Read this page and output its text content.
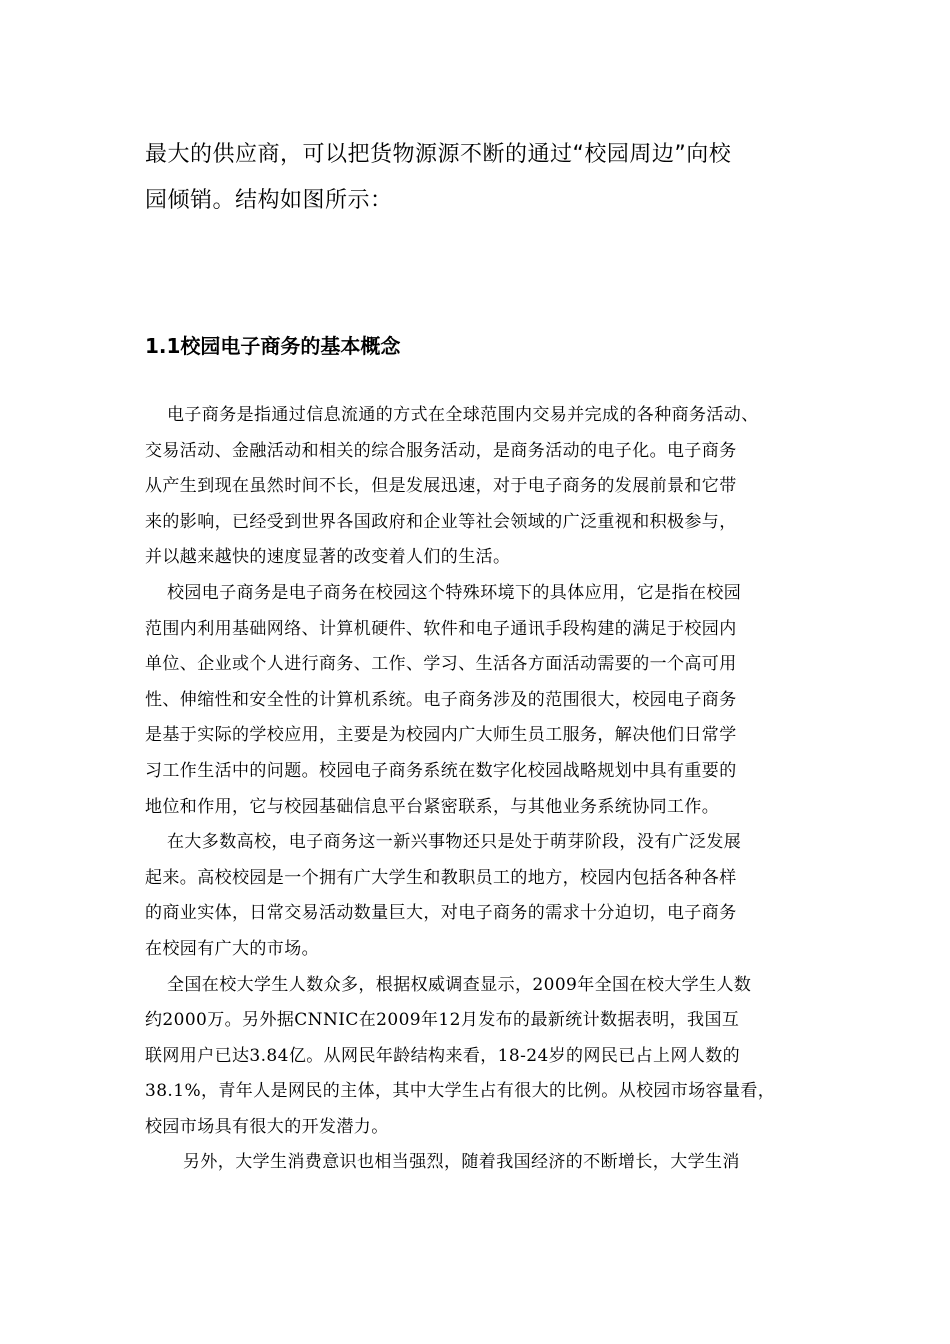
最大的供应商，可以把货物源源不断的通过“校园周边”向校

园倾销。结构如图所示：

1.1校园电子商务的基本概念

电子商务是指通过信息流通的方式在全球范围内交易并完成的各种商务活动、

交易活动、金融活动和相关的综合服务活动，是商务活动的电子化。电子商务

从产生到现在虽然时间不长，但是发展迅速，对于电子商务的发展前景和它带

来的影响，已经受到世界各国政府和企业等社会领域的广泛重视和积极参与，

并以越来越快的速度显著的改变着人们的生活。

校园电子商务是电子商务在校园这个特殊环境下的具体应用，它是指在校园

范围内利用基础网络、计算机硬件、软件和电子通讯手段构建的满足于校园内

单位、企业或个人进行商务、工作、学习、生活各方面活动需要的一个高可用

性、伸缩性和安全性的计算机系统。电子商务涉及的范围很大，校园电子商务

是基于实际的学校应用，主要是为校园内广大师生员工服务，解决他们日常学

习工作生活中的问题。校园电子商务系统在数字化校园战略规划中具有重要的

地位和作用，它与校园基础信息平台紧密联系，与其他业务系统协同工作。

在大多数高校，电子商务这一新兴事物还只是处于萌芽阶段，没有广泛发展

起来。高校校园是一个拥有广大学生和教职员工的地方，校园内包括各种各样

的商业实体，日常交易活动数量巨大，对电子商务的需求十分迫切，电子商务

在校园有广大的市场。

全国在校大学生人数众多，根据权威调查显示，2009年全国在校大学生人数

约2000万。另外据CNNIC在2009年12月发布的最新统计数据表明，我国互

联网用户已达3.84亿。从网民年龄结构来看，18-24岁的网民已占上网人数的

38.1%，青年人是网民的主体，其中大学生占有很大的比例。从校园市场容量看，

校园市场具有很大的开发潜力。

另外，大学生消费意识也相当强烈，随着我国经济的不断增长，大学生消
